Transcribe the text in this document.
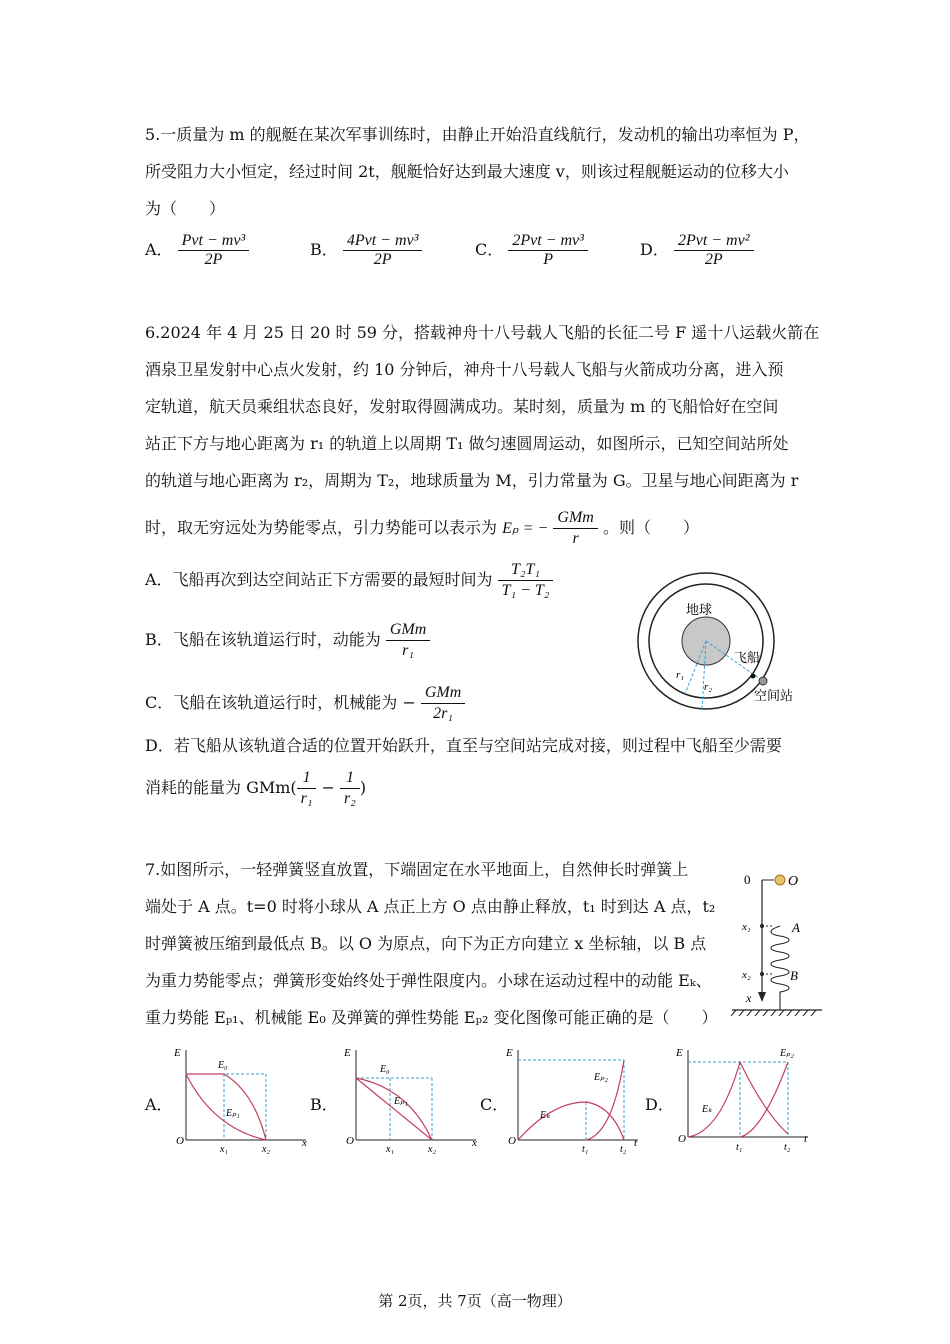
5.一质量为 m 的舰艇在某次军事训练时，由静止开始沿直线航行，发动机的输出功率恒为 P，
所受阻力大小恒定，经过时间 2t，舰艇恰好达到最大速度 v，则该过程舰艇运动的位移大小
为（　　）
A． $\frac{\text{Pvt − mv³}}{2P}$	B． $\frac{\text{4Pvt − mv³}}{2P}$	C． $\frac{\text{2Pvt − mv³}}{P}$	D． $\frac{\text{2Pvt − mv²}}{2P}$
6.2024 年 4 月 25 日 20 时 59 分，搭载神舟十八号载人飞船的长征二号 F 遥十八运载火箭在
酒泉卫星发射中心点火发射，约 10 分钟后，神舟十八号载人飞船与火箭成功分离，进入预
定轨道，航天员乘组状态良好，发射取得圆满成功。某时刻，质量为 m 的飞船恰好在空间
站正下方与地心距离为 r₁ 的轨道上以周期 T₁ 做匀速圆周运动，如图所示，已知空间站所处
的轨道与地心距离为 r₂，周期为 T₂，地球质量为 M，引力常量为 G。卫星与地心间距离为 r
时，取无穷远处为势能零点，引力势能可以表示为 Eₚ = − $\frac{\text{GMm}}{r}$ 。则（　　）
A．飞船再次到达空间站正下方需要的最短时间为 $\frac{\text{T₂T₁}}{\text{T₁ − T₂}}$
B．飞船在该轨道运行时，动能为 $\frac{\text{GMm}}{\text{r₁}}$
C．飞船在该轨道运行时，机械能为 − $\frac{\text{GMm}}{\text{2r₁}}$
D．若飞船从该轨道合适的位置开始跃升，直至与空间站完成对接，则过程中飞船至少需要
消耗的能量为 $GMm( \frac{1}{\text{r₁}} - \frac{1}{\text{r₂}}$ )
地球
飞船
空间站
r₁
r₂
7.如图所示，一轻弹簧竖直放置，下端固定在水平地面上，自然伸长时弹簧上
端处于 A 点。t=0 时将小球从 A 点正上方 O 点由静止释放，t₁ 时到达 A 点，t₂
时弹簧被压缩到最低点 B。以 O 为原点，向下为正方向建立 x 坐标轴，以 B 点
为重力势能零点；弹簧形变始终处于弹性限度内。小球在运动过程中的动能 Eₖ、
重力势能 Eₚ₁、机械能 E₀ 及弹簧的弹性势能 Eₚ₂ 变化图像可能正确的是（　　）
0	O
x₁	A
x₂	B
x
A．	B．	C．	D．
E
O	x
E₀
Eₚ₁
x₁	x₂
E
O	x
E₀
Eₚ₁
x₁	x₂
E
O	t
Eₚ₂
Eₖ
t₁	t₂
E
O	t
Eₚ₂
Eₖ
t₁	t₂
第 2页，共 7页（高一物理）
